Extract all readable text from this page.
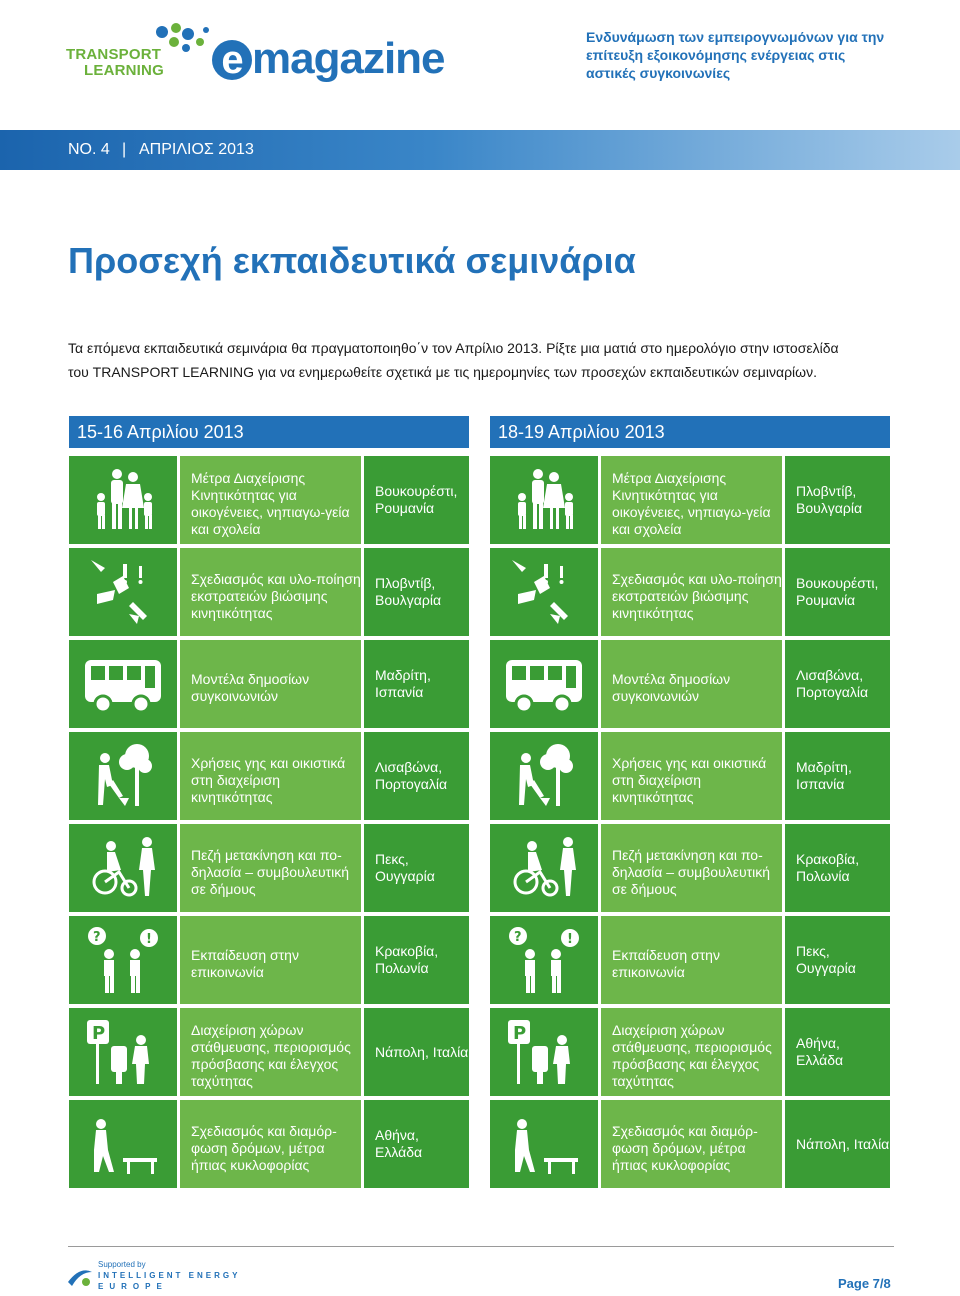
TRANSPORT
LEARNING e magazine	Ενδυνάμωση των εμπειρογνωμόνων για την επίτευξη εξοικονόμησης ενέργειας στις αστικές συγκοινωνίες
NO. 4 | ΑΠΡΙΛΙΟΣ 2013
Προσεχή εκπαιδευτικά σεμινάρια

Τα επόμενα εκπαιδευτικά σεμινάρια θα πραγματοποιηθο΄ν τον Απρίλιο 2013. Ρίξτε μια ματιά στο ημερολόγιο στην ιστοσελίδα
του TRANSPORT LEARNING για να ενημερωθείτε σχετικά με τις ημερομηνίες των προσεχών εκπαιδευτικών σεμιναρίων.

15-16 Απριλίου 2013
Μέτρα Διαχείρισης Κινητικότητας για οικογένειες, νηπιαγω-γεία και σχολεία
Βουκουρέστι, Ρουμανία
Σχεδιασμός και υλο-ποίηση εκστρατειών βιώσιμης κινητικότητας
Πλοβντίβ, Βουλγαρία
Μοντέλα δημοσίων συγκοινωνιών
Μαδρίτη, Ισπανία
Χρήσεις γης και οικιστικά στη διαχείριση κινητικότητας
Λισαβώνα, Πορτογαλία
Πεζή μετακίνηση και πο-δηλασία – συμβουλευτική σε δήμους
Πεκς, Ουγγαρία
?	!
Εκπαίδευση στην επικοινωνία
Κρακοβία, Πολωνία
P	Διαχείριση χώρων στάθμευσης, περιορισμός πρόσβασης και έλεγχος ταχύτητας
Νάπολη, Ιταλία
Σχεδιασμός και διαμόρ-φωση δρόμων, μέτρα ήπιας κυκλοφορίας
Αθήνα, Ελλάδα
18-19 Απριλίου 2013
Μέτρα Διαχείρισης Κινητικότητας για οικογένειες, νηπιαγω-γεία και σχολεία
Πλοβντίβ, Βουλγαρία
Σχεδιασμός και υλο-ποίηση εκστρατειών βιώσιμης κινητικότητας
Βουκουρέστι, Ρουμανία
Μοντέλα δημοσίων συγκοινωνιών
Λισαβώνα, Πορτογαλία
Χρήσεις γης και οικιστικά στη διαχείριση κινητικότητας
Μαδρίτη, Ισπανία
Πεζή μετακίνηση και πο-δηλασία – συμβουλευτική σε δήμους
Κρακοβία, Πολωνία
?	!
Εκπαίδευση στην επικοινωνία
Πεκς, Ουγγαρία
P	Διαχείριση χώρων στάθμευσης, περιορισμός πρόσβασης και έλεγχος ταχύτητας
Αθήνα, Ελλάδα
Σχεδιασμός και διαμόρ-φωση δρόμων, μέτρα ήπιας κυκλοφορίας
Νάπολη, Ιταλία
Supported by
INTELLIGENT ENERGY
EUROPE	Page 7/8
